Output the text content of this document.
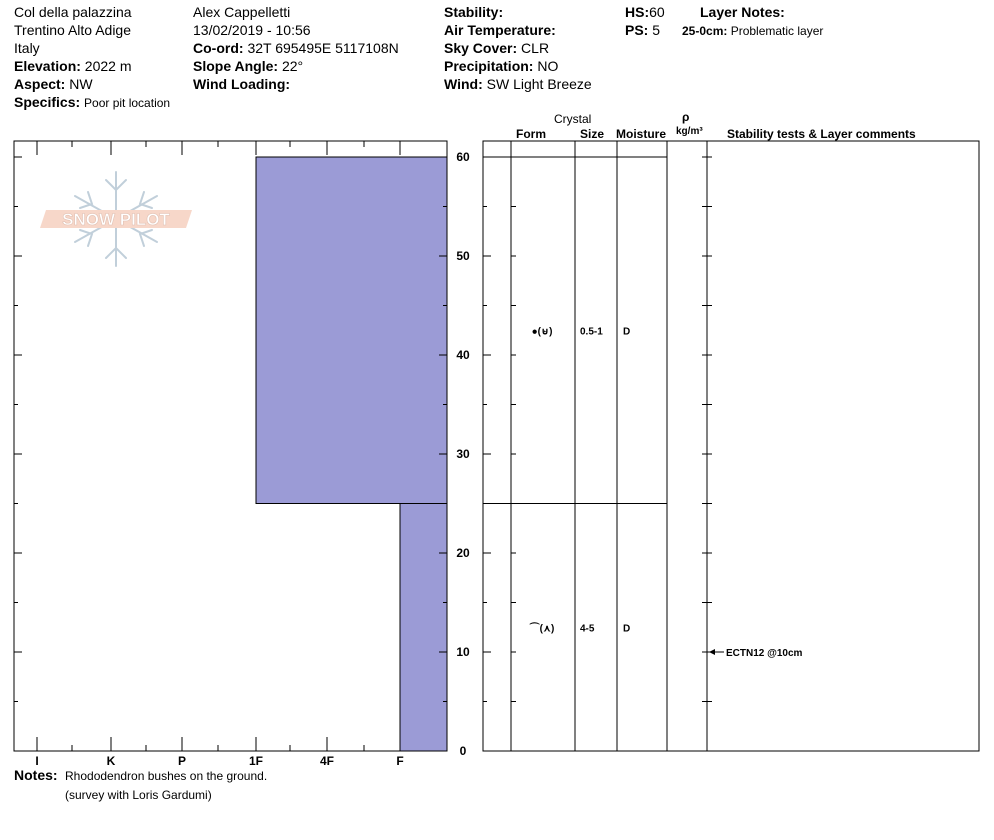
Col della palazzina
Trentino Alto Adige
Italy
Elevation: 2022 m
Aspect: NW
Specifics: Poor pit location
Alex Cappelletti
13/02/2019 - 10:56
Co-ord: 32T 695495E 5117108N
Slope Angle: 22°
Wind Loading:
Stability:
Air Temperature:
Sky Cover: CLR
Precipitation: NO
Wind: SW Light Breeze
HS:60
PS: 5
Layer Notes:
25-0cm: Problematic layer
Crystal
Form	Size Moisture
ρ
kg/m³ Stability tests & Layer comments
SNOW PILOT
I	K	P	1F	4F	F
0
10
20
30
40
50
60
●(⊌)	0.5-1 D
⌒(⋏)	4-5	D
ECTN12 @10cm
Notes: Rhododendron bushes on the ground.
(survey with Loris Gardumi)
